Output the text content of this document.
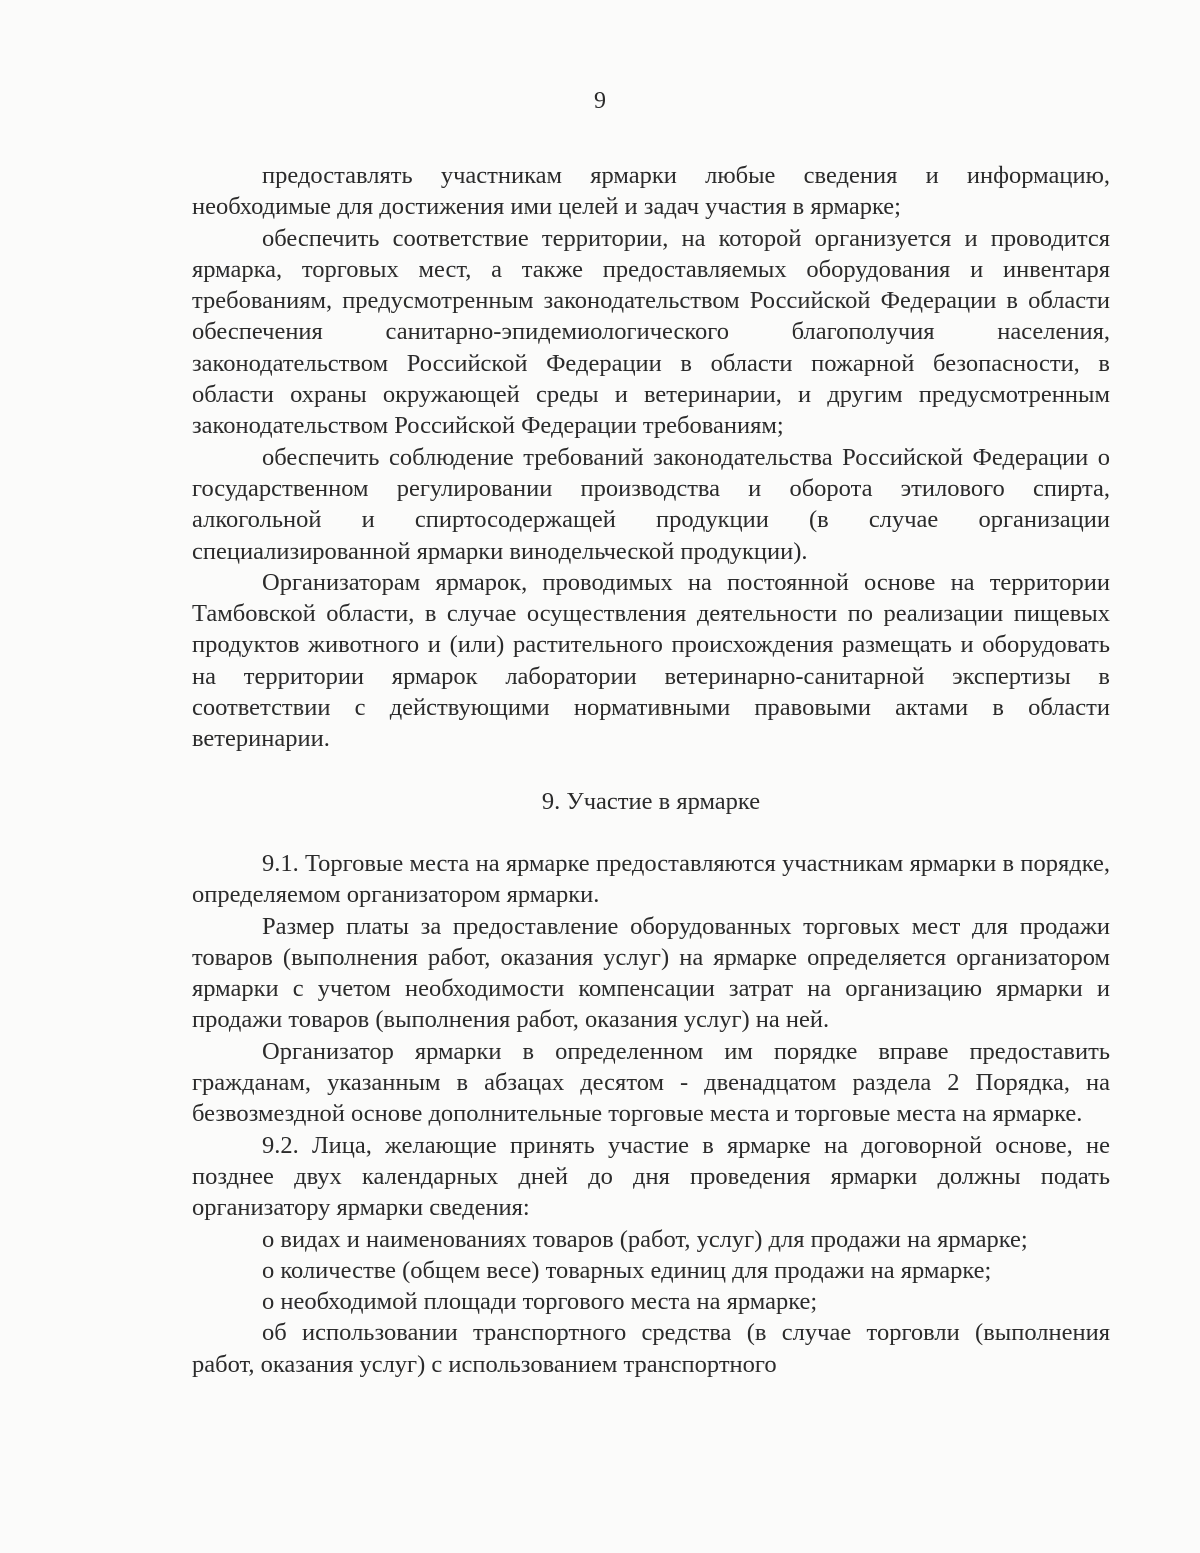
9

предоставлять участникам ярмарки любые сведения и информацию, необходимые для достижения ими целей и задач участия в ярмарке;

обеспечить соответствие территории, на которой организуется и проводится ярмарка, торговых мест, а также предоставляемых оборудования и инвентаря требованиям, предусмотренным законодательством Российской Федерации в области обеспечения санитарно-эпидемиологического благополучия населения, законодательством Российской Федерации в области пожарной безопасности, в области охраны окружающей среды и ветеринарии, и другим предусмотренным законодательством Российской Федерации требованиям;

обеспечить соблюдение требований законодательства Российской Федерации о государственном регулировании производства и оборота этилового спирта, алкогольной и спиртосодержащей продукции (в случае организации специализированной ярмарки винодельческой продукции).

Организаторам ярмарок, проводимых на постоянной основе на территории Тамбовской области, в случае осуществления деятельности по реализации пищевых продуктов животного и (или) растительного происхождения размещать и оборудовать на территории ярмарок лаборатории ветеринарно-санитарной экспертизы в соответствии с действующими нормативными правовыми актами в области ветеринарии.

9. Участие в ярмарке

9.1. Торговые места на ярмарке предоставляются участникам ярмарки в порядке, определяемом организатором ярмарки.

Размер платы за предоставление оборудованных торговых мест для продажи товаров (выполнения работ, оказания услуг) на ярмарке определяется организатором ярмарки с учетом необходимости компенсации затрат на организацию ярмарки и продажи товаров (выполнения работ, оказания услуг) на ней.

Организатор ярмарки в определенном им порядке вправе предоставить гражданам, указанным в абзацах десятом - двенадцатом раздела 2 Порядка, на безвозмездной основе дополнительные торговые места и торговые места на ярмарке.

9.2. Лица, желающие принять участие в ярмарке на договорной основе, не позднее двух календарных дней до дня проведения ярмарки должны подать организатору ярмарки сведения:

о видах и наименованиях товаров (работ, услуг) для продажи на ярмарке;

о количестве (общем весе) товарных единиц для продажи на ярмарке;

о необходимой площади торгового места на ярмарке;

об использовании транспортного средства (в случае торговли (выполнения работ, оказания услуг) с использованием транспортного
